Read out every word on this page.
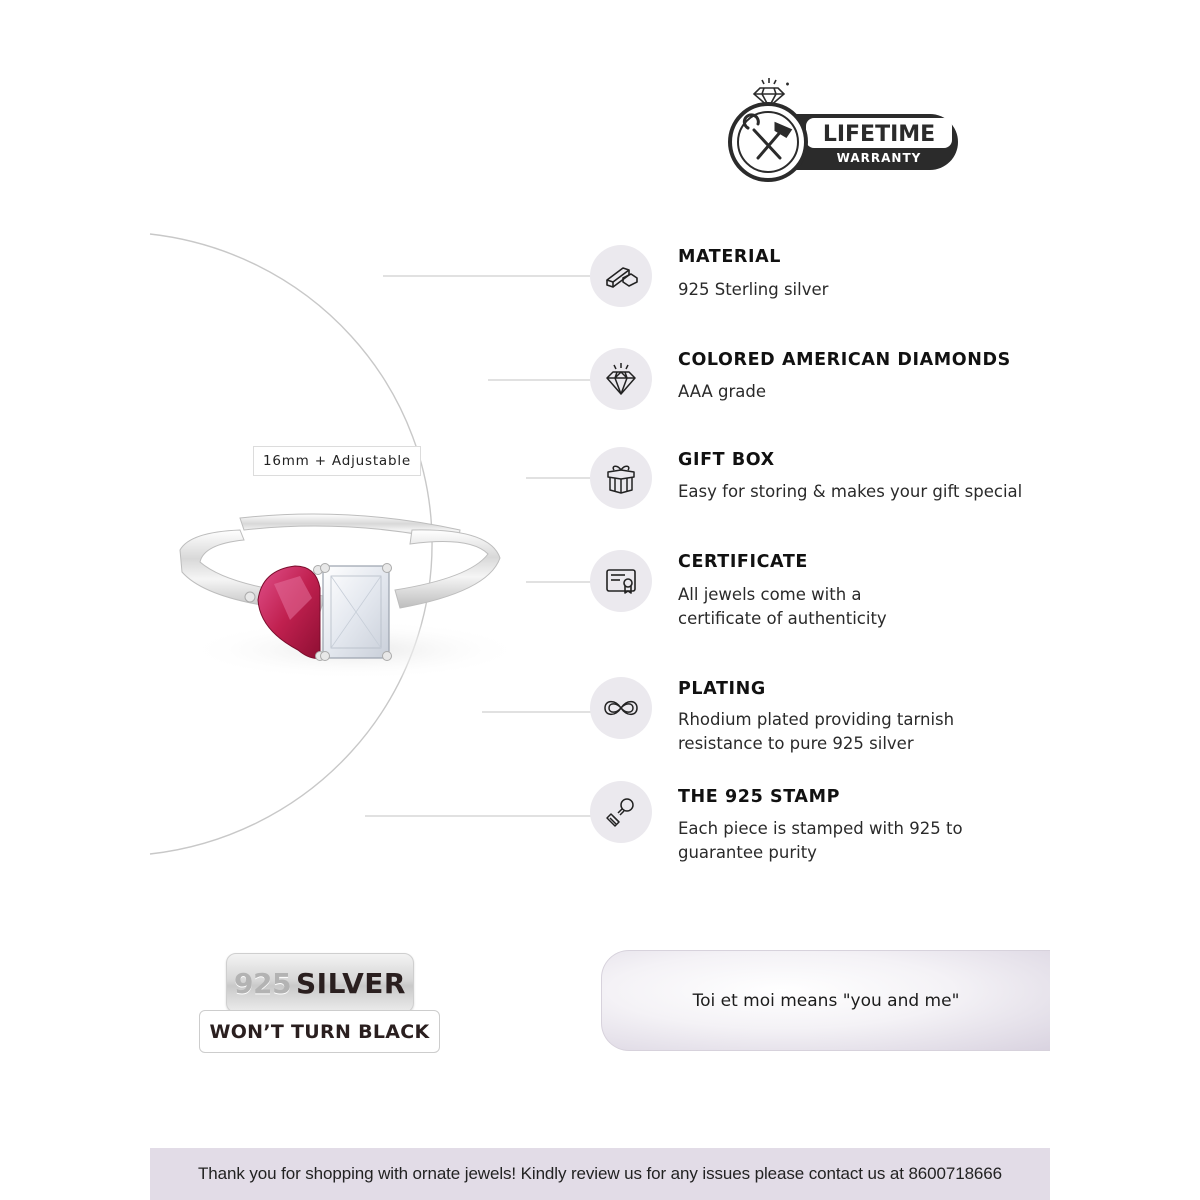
LIFETIME
WARRANTY
16mm + Adjustable
MATERIAL
925 Sterling silver
COLORED AMERICAN DIAMONDS
AAA grade
GIFT BOX
Easy for storing & makes your gift special
CERTIFICATE
All jewels come with a
certificate of authenticity
PLATING
Rhodium plated providing tarnish
resistance to pure 925 silver
THE 925 STAMP
Each piece is stamped with 925 to
guarantee purity
925 SILVER
WON’T TURN BLACK
Toi et moi means "you and me"
Thank you for shopping with ornate jewels! Kindly review us for any issues please contact us at 8600718666
